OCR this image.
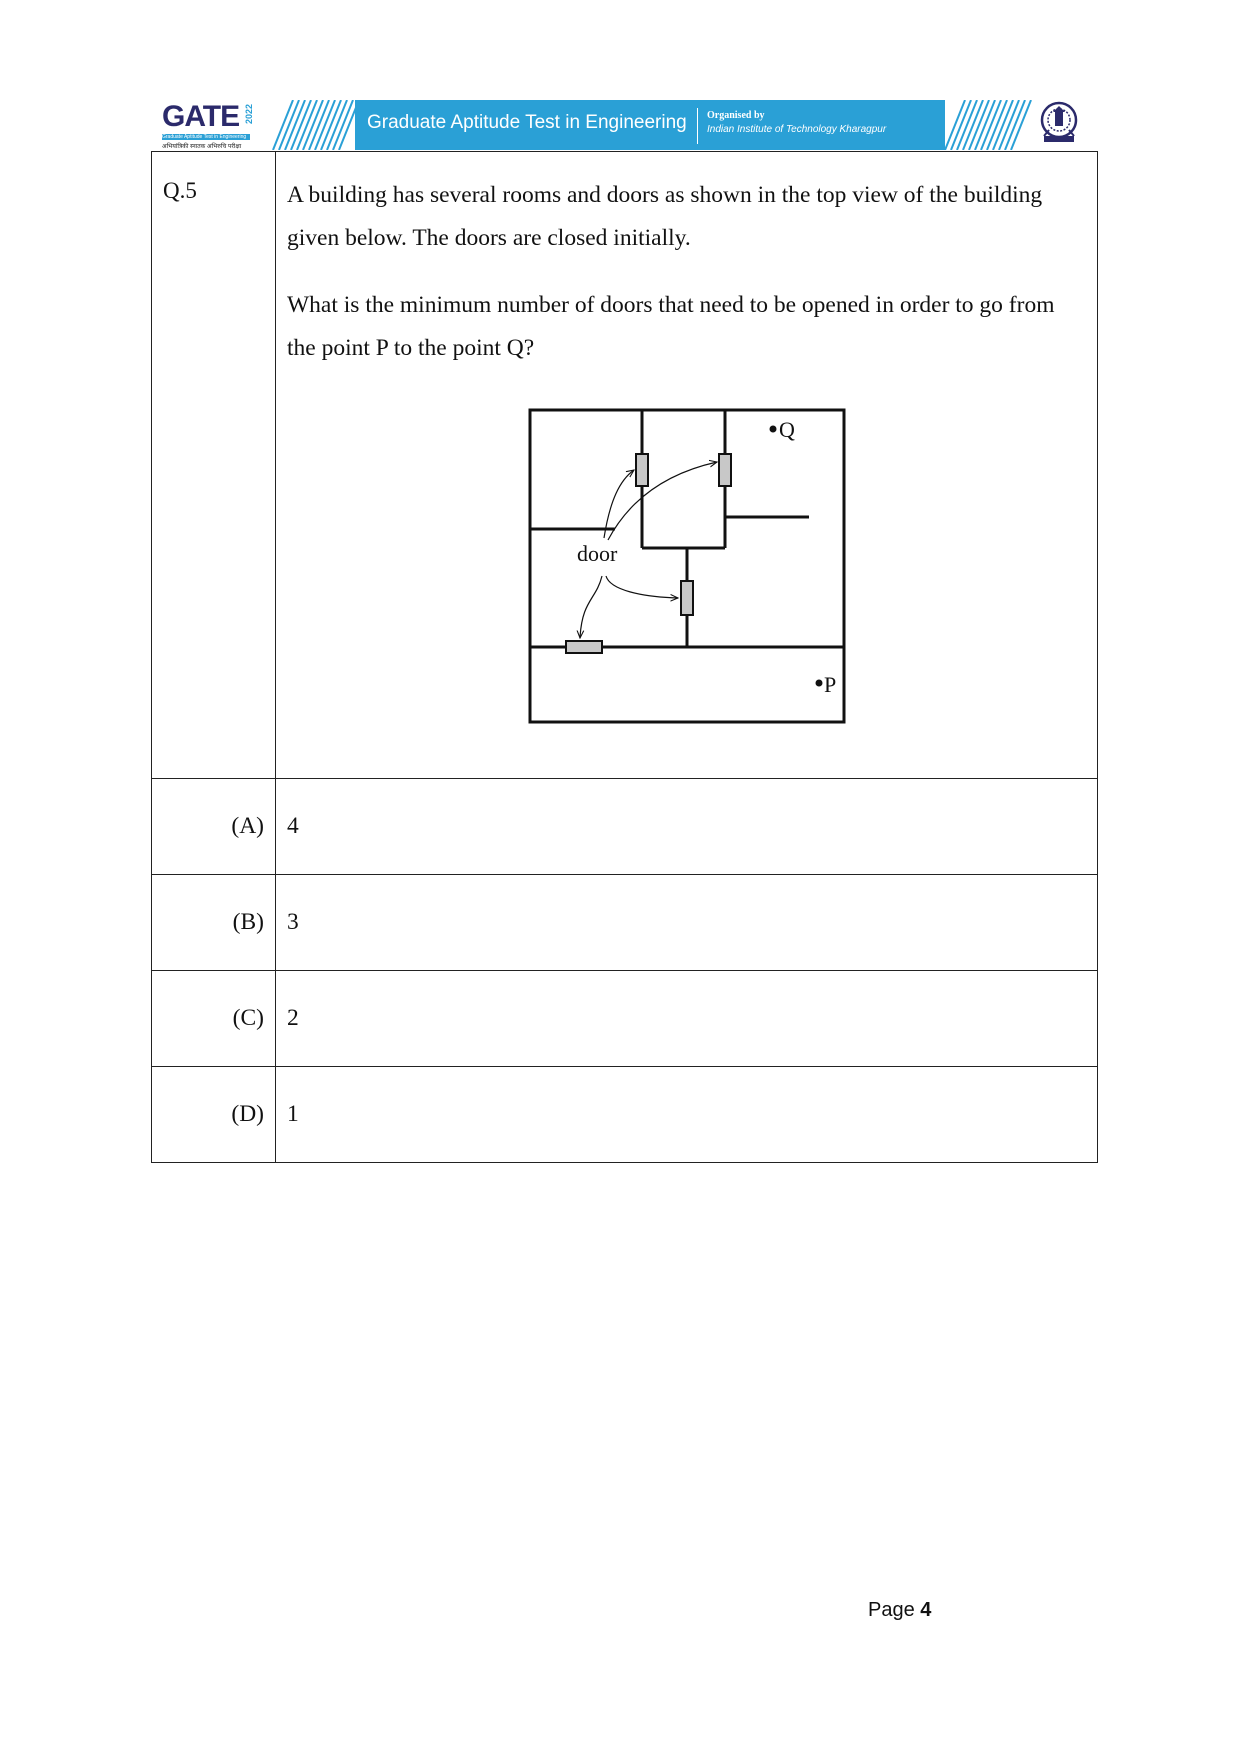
GATE 2022
Graduate Aptitude Test in Engineering
अभियांत्रिकी स्नातक अभिरुचि परीक्षा
Graduate Aptitude Test in Engineering Organised by
Indian Institute of Technology Kharagpur
Q.5	A building has several rooms and doors as shown in the top view of the building given below. The doors are closed initially.

What is the minimum number of doors that need to be opened in order to go from the point P to the point Q?

door
Q
P

(A)	4
(B)	3
(C)	2
(D)	1
Page 4
